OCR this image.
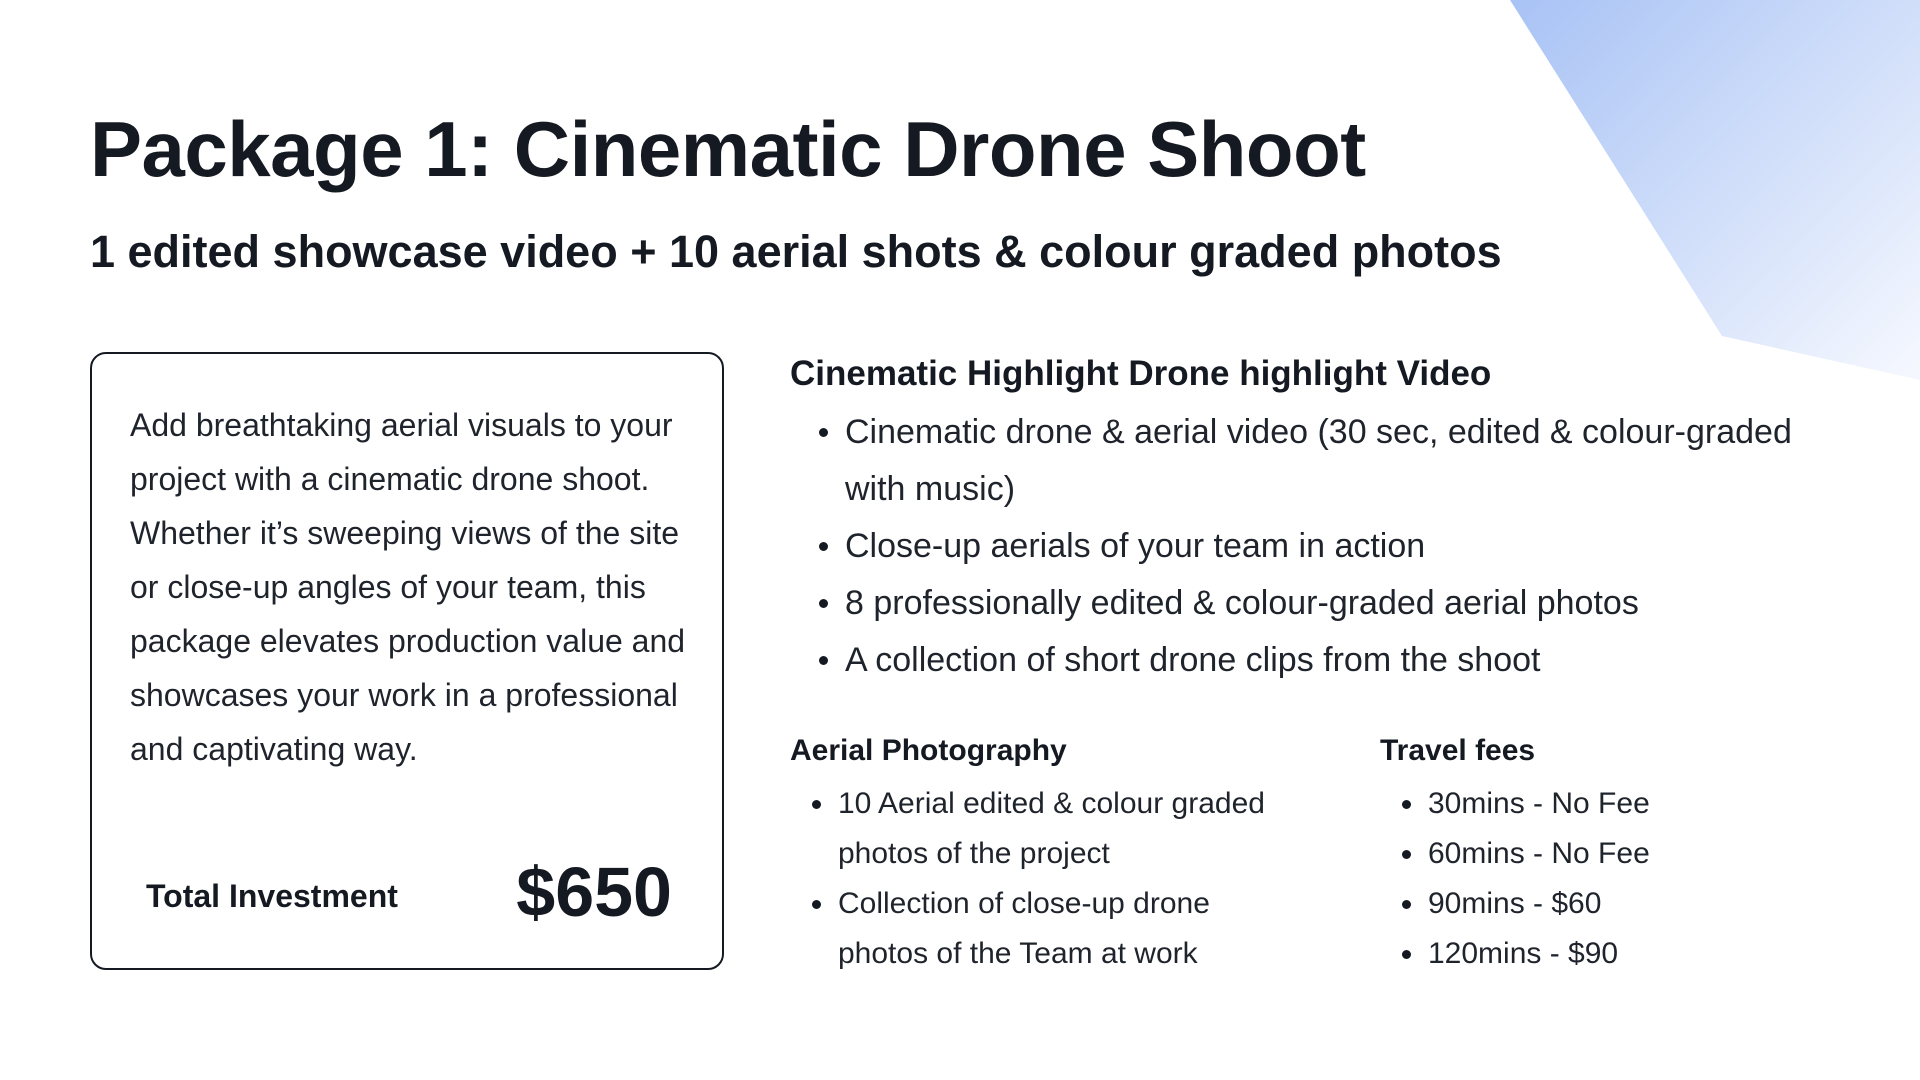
Package 1: Cinematic Drone Shoot
1 edited showcase video + 10 aerial shots & colour graded photos

Add breathtaking aerial visuals to your project with a cinematic drone shoot. Whether it’s sweeping views of the site or close-up angles of your team, this package elevates production value and showcases your work in a professional and captivating way.

Total Investment $650
Cinematic Highlight Drone highlight Video
Cinematic drone & aerial video (30 sec, edited & colour-graded with music)
Close-up aerials of your team in action
8 professionally edited & colour-graded aerial photos
A collection of short drone clips from the shoot
Aerial Photography
10 Aerial edited & colour graded photos of the project
Collection of close-up drone photos of the Team at work
Travel fees
30mins - No Fee
60mins - No Fee
90mins - $60
120mins - $90
